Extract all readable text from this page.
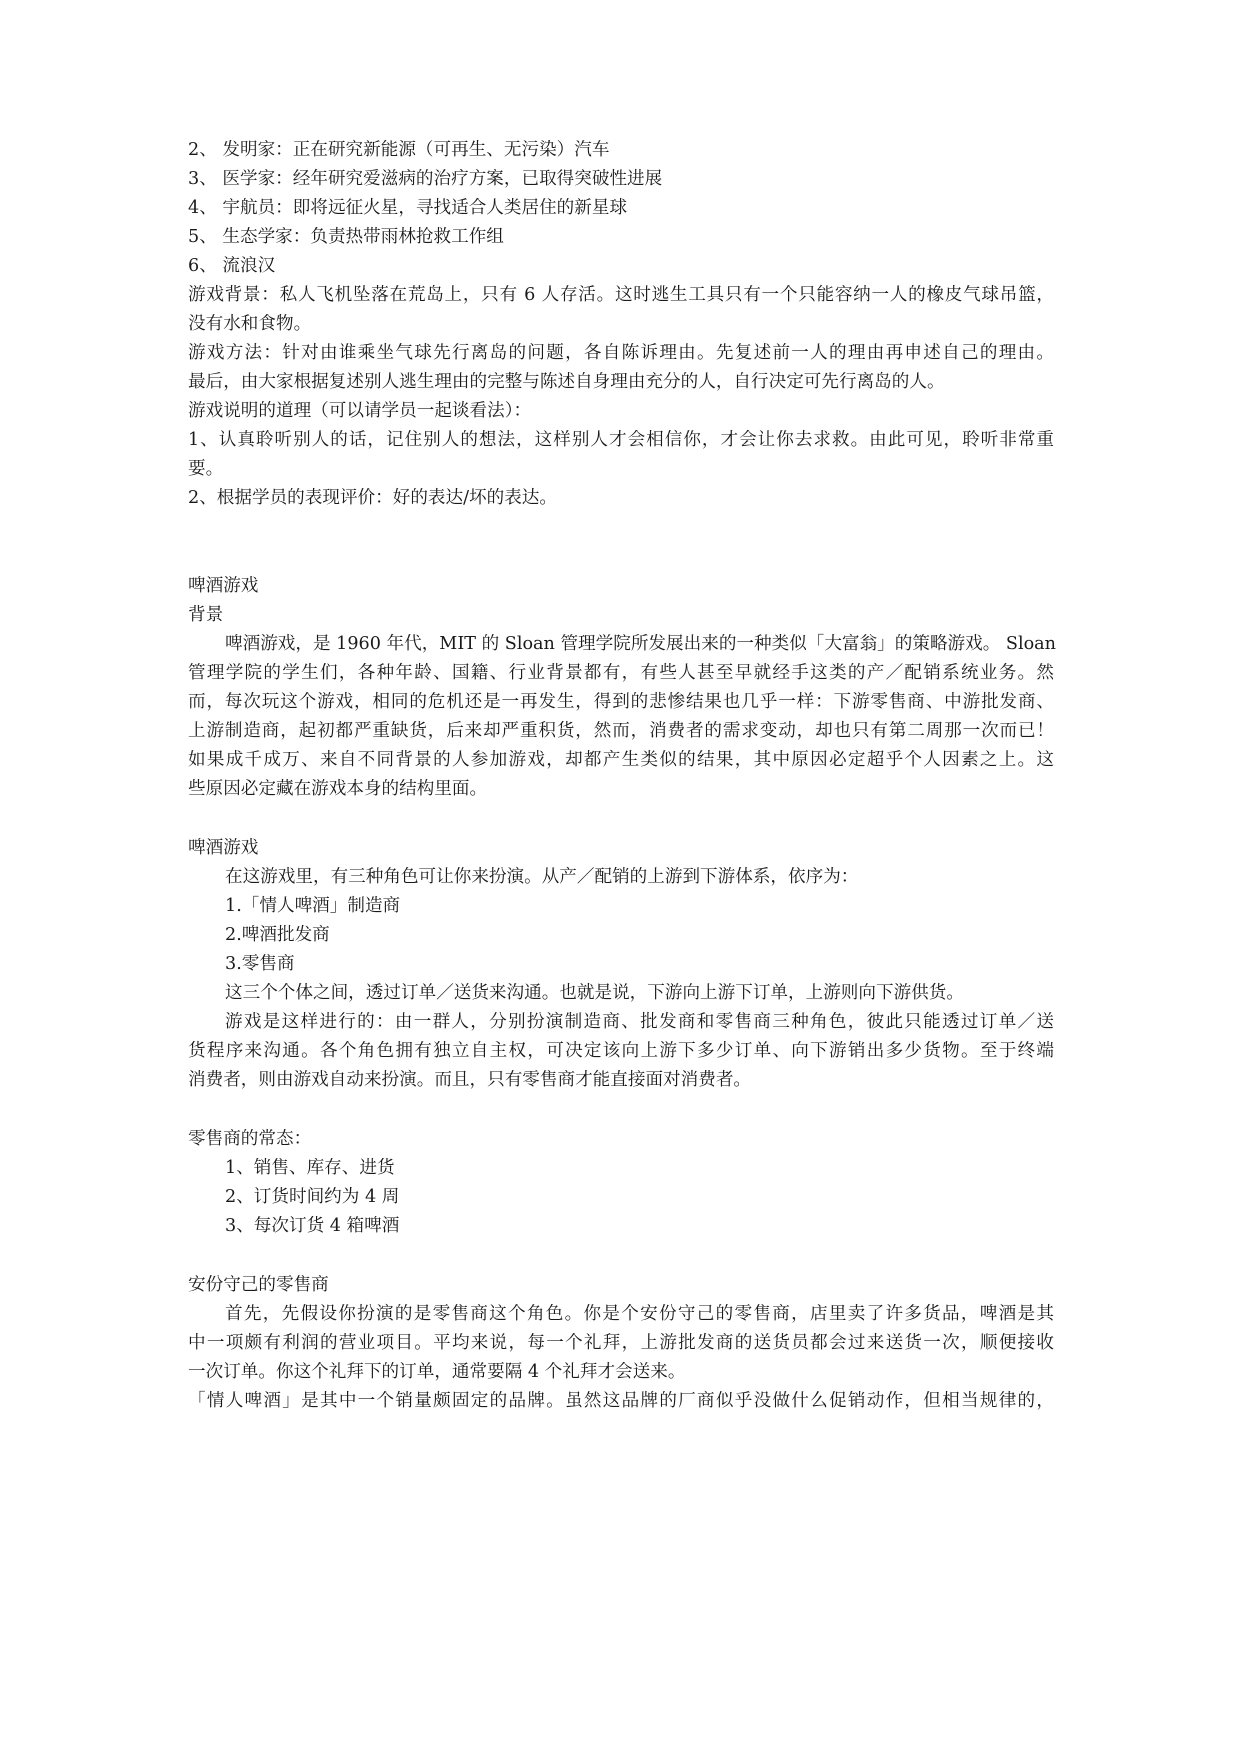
2、 发明家：正在研究新能源（可再生、无污染）汽车
3、 医学家：经年研究爱滋病的治疗方案，已取得突破性进展
4、 宇航员：即将远征火星，寻找适合人类居住的新星球
5、 生态学家：负责热带雨林抢救工作组
6、 流浪汉
游戏背景：私人飞机坠落在荒岛上，只有 6 人存活。这时逃生工具只有一个只能容纳一人的橡皮气球吊篮，
没有水和食物。
游戏方法：针对由谁乘坐气球先行离岛的问题，各自陈诉理由。先复述前一人的理由再申述自己的理由。
最后，由大家根据复述别人逃生理由的完整与陈述自身理由充分的人，自行决定可先行离岛的人。
游戏说明的道理（可以请学员一起谈看法）：
1、认真聆听别人的话，记住别人的想法，这样别人才会相信你，才会让你去求救。由此可见，聆听非常重
要。
2、根据学员的表现评价：好的表达/坏的表达。
啤酒游戏
背景
啤酒游戏，是 1960 年代，MIT 的 Sloan 管理学院所发展出来的一种类似「大富翁」的策略游戏。 Sloan
管理学院的学生们，各种年龄、国籍、行业背景都有，有些人甚至早就经手这类的产／配销系统业务。然
而，每次玩这个游戏，相同的危机还是一再发生，得到的悲惨结果也几乎一样：下游零售商、中游批发商、
上游制造商，起初都严重缺货，后来却严重积货，然而，消费者的需求变动，却也只有第二周那一次而已！
如果成千成万、来自不同背景的人参加游戏，却都产生类似的结果，其中原因必定超乎个人因素之上。这
些原因必定藏在游戏本身的结构里面。
啤酒游戏
在这游戏里，有三种角色可让你来扮演。从产／配销的上游到下游体系，依序为：
1.「情人啤酒」制造商
2.啤酒批发商
3.零售商
这三个个体之间，透过订单／送货来沟通。也就是说，下游向上游下订单，上游则向下游供货。
游戏是这样进行的：由一群人，分别扮演制造商、批发商和零售商三种角色，彼此只能透过订单／送
货程序来沟通。各个角色拥有独立自主权，可决定该向上游下多少订单、向下游销出多少货物。至于终端
消费者，则由游戏自动来扮演。而且，只有零售商才能直接面对消费者。
零售商的常态：
1、销售、库存、进货
2、订货时间约为 4 周
3、每次订货 4 箱啤酒
安份守己的零售商
首先，先假设你扮演的是零售商这个角色。你是个安份守己的零售商，店里卖了许多货品，啤酒是其
中一项颇有利润的营业项目。平均来说，每一个礼拜，上游批发商的送货员都会过来送货一次，顺便接收
一次订单。你这个礼拜下的订单，通常要隔 4 个礼拜才会送来。
「情人啤酒」是其中一个销量颇固定的品牌。虽然这品牌的厂商似乎没做什么促销动作，但相当规律的，
